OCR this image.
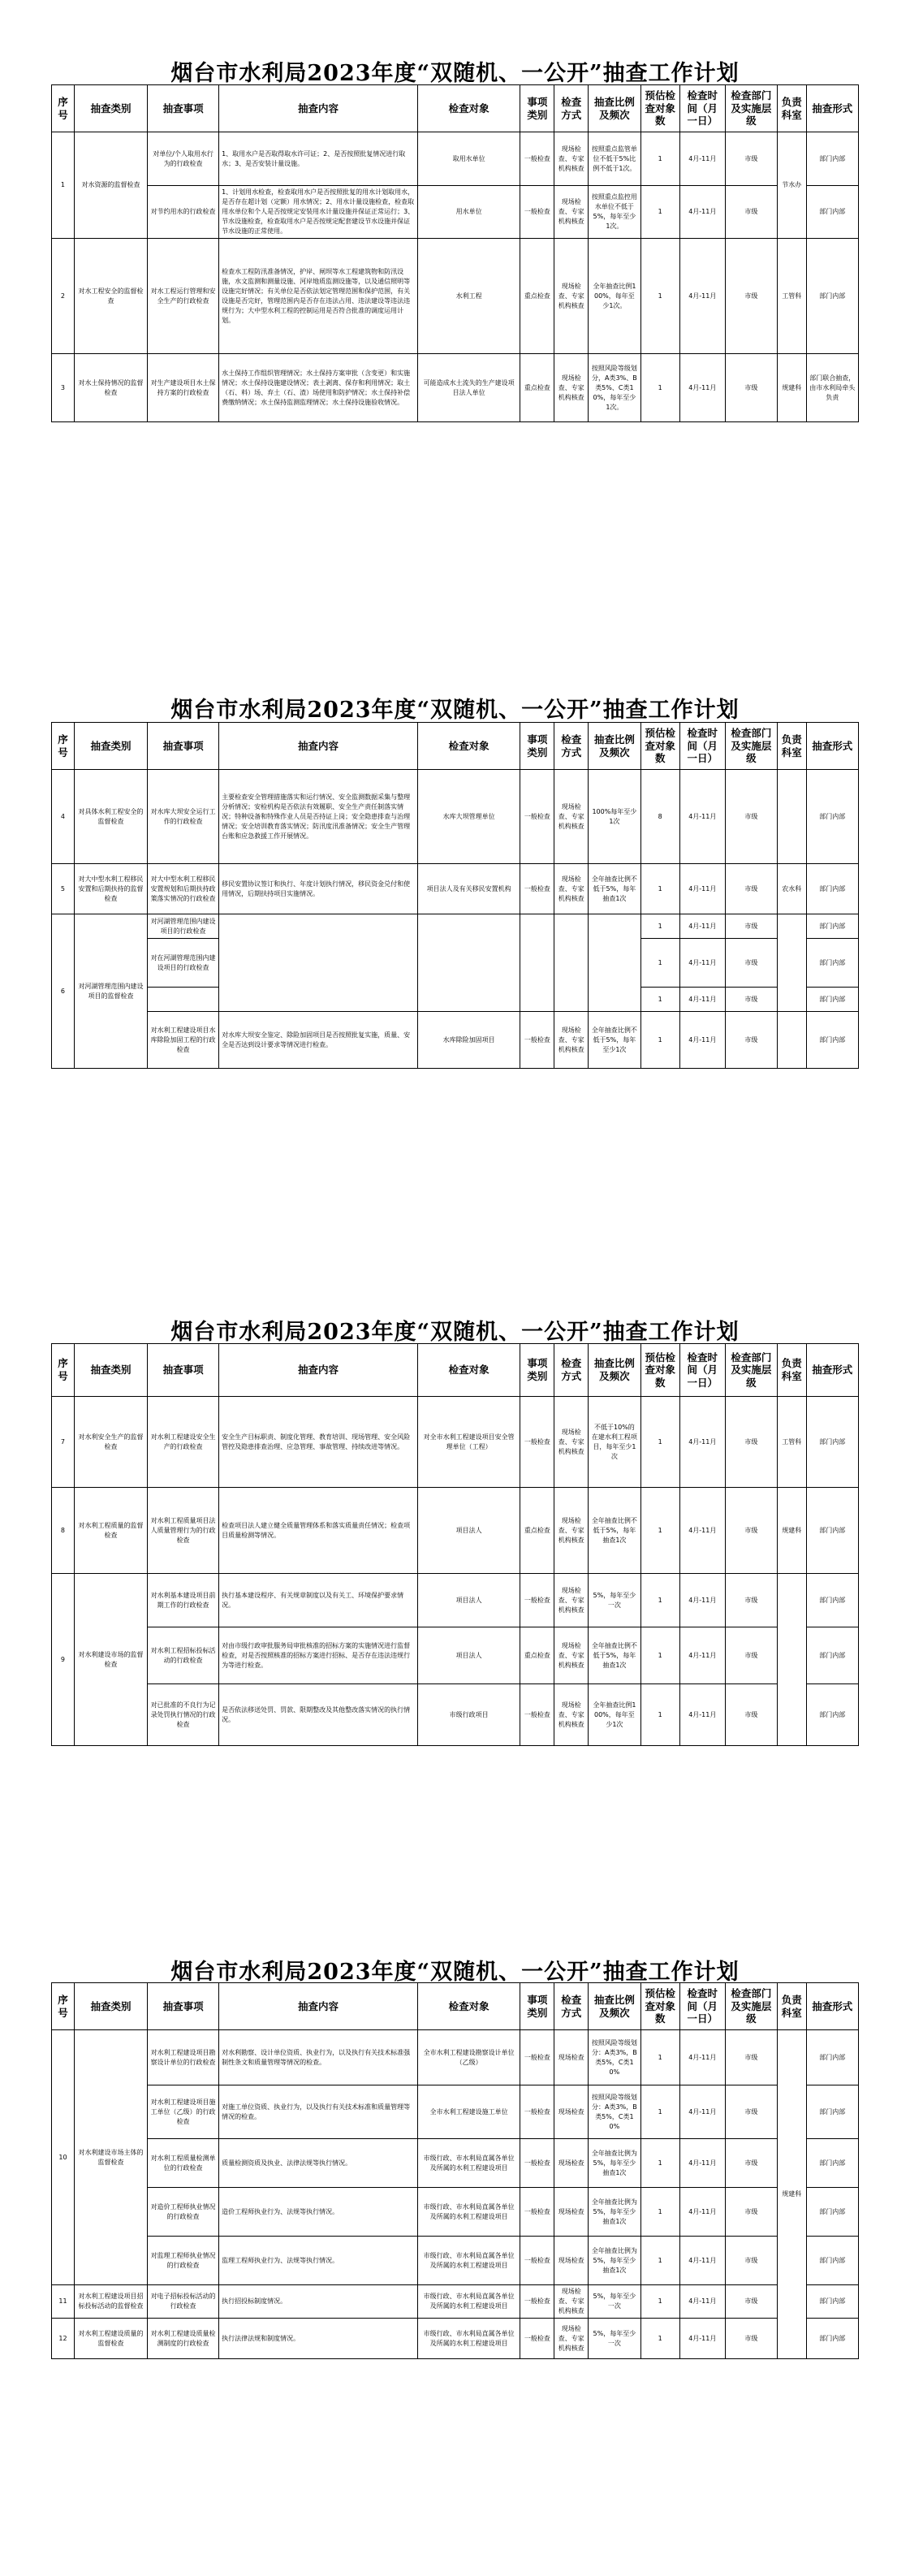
烟台市水利局2023年度“双随机、一公开”抽查工作计划
序号	抽查类别	抽查事项	抽查内容	检查对象	事项类别	检查方式	抽查比例及频次	预估检查对象数	检查时间（月一日）	检查部门及实施层级	负责科室	抽查形式
1	对水资源的监督检查	对单位/个人取用水行为的行政检查	1、取用水户是否取得取水许可证；2、是否按照批复情况进行取水；3、是否安装计量设施。	取用水单位	一般检查	现场检查、专家机构核查	按照重点监管单位不低于5%比例不低于1次。	1	4月-11月	市级	节水办	部门内部
		对节约用水的行政检查	1、计划用水检查，检查取用水户是否按照批复的用水计划取用水，是否存在超计划（定额）用水情况；2、用水计量设施检查，检查取用水单位和个人是否按规定安装用水计量设施并保证正常运行；3、节水设施检查，检查取用水户是否按规定配套建设节水设施并保证节水设施的正常使用。	用水单位	一般检查	现场检查、专家机构核查	按照重点监控用水单位不低于5%，每年至少1次。	1	4月-11月	市级		部门内部
2	对水工程安全的监督检查	对水工程运行管理和安全生产的行政检查	检查水工程防汛准备情况，护岸、闸坝等水工程建筑物和防汛设施，水文监测和测量设施、河岸地质监测设施等，以及通信照明等设施完好情况；有关单位是否依法划定管理范围和保护范围，有关设施是否完好，管理范围内是否存在违法占用、违法建设等违法违规行为；大中型水利工程的控制运用是否符合批准的调度运用计划。	水利工程	重点检查	现场检查、专家机构核查	全年抽查比例100%，每年至少1次。	1	4月-11月	市级	工管科	部门内部
3	对水土保持情况的监督检查	对生产建设项目水土保持方案的行政检查	水土保持工作组织管理情况；水土保持方案审批（含变更）和实施情况；水土保持设施建设情况；表土剥离、保存和利用情况；取土（石、料）场、弃土（石、渣）场使用和防护情况；水土保持补偿费缴纳情况；水土保持监测监理情况；水土保持设施验收情况。	可能造成水土流失的生产建设项目法人单位	重点检查	现场检查、专家机构核查	按照风险等级划分，A类3%、B类5%、C类10%，每年至少1次。	1	4月-11月	市级	规建科	部门联合抽查，由市水利局牵头负责
烟台市水利局2023年度“双随机、一公开”抽查工作计划
序号	抽查类别	抽查事项	抽查内容	检查对象	事项类别	检查方式	抽查比例及频次	预估检查对象数	检查时间（月一日）	检查部门及实施层级	负责科室	抽查形式
4	对具体水利工程安全的监督检查	对水库大坝安全运行工作的行政检查	主要检查安全管理措施落实和运行情况、安全监测数据采集与整理分析情况；安检机构是否依法有效履职、安全生产责任制落实情况；特种设备和特殊作业人员是否持证上岗；安全隐患排查与治理情况；安全培训教育落实情况；防汛度汛准备情况；安全生产管理台账和应急救援工作开展情况。	水库大坝管理单位	一般检查	现场检查、专家机构核查	100%每年至少1次	8	4月-11月	市级		部门内部
5	对大中型水利工程移民安置和后期扶持的监督检查	对大中型水利工程移民安置规划和后期扶持政策落实情况的行政检查	移民安置协议签订和执行、年度计划执行情况，移民资金兑付和使用情况，后期扶持项目实施情况。	项目法人及有关移民安置机构	一般检查	现场检查、专家机构核查	全年抽查比例不低于5%，每年抽查1次	1	4月-11月	市级	农水科	部门内部
6	对河湖管理范围内建设项目的监督检查	对河湖管理范围内建设项目的行政检查						1	4月-11月	市级		部门内部
		对在河湖管理范围内建设项目的行政检查						1	4月-11月	市级		部门内部
								1	4月-11月	市级		部门内部
		对水利工程建设项目水库除险加固工程的行政检查	对水库大坝安全鉴定、除险加固项目是否按照批复实施，质量、安全是否达到设计要求等情况进行检查。	水库除险加固项目	一般检查	现场检查、专家机构核查	全年抽查比例不低于5%，每年至少1次	1	4月-11月	市级		部门内部
烟台市水利局2023年度“双随机、一公开”抽查工作计划
序号	抽查类别	抽查事项	抽查内容	检查对象	事项类别	检查方式	抽查比例及频次	预估检查对象数	检查时间（月一日）	检查部门及实施层级	负责科室	抽查形式
7	对水利安全生产的监督检查	对水利工程建设安全生产的行政检查	安全生产目标职责、制度化管理、教育培训、现场管理、安全风险管控及隐患排查治理、应急管理、事故管理、持续改进等情况。	对全市水利工程建设项目安全管理单位（工程）	一般检查	现场检查、专家机构核查	不低于10%的在建水利工程项目，每年至少1次	1	4月-11月	市级	工管科	部门内部
8	对水利工程质量的监督检查	对水利工程质量项目法人质量管理行为的行政检查	检查项目法人建立健全质量管理体系和落实质量责任情况；检查项目质量检测等情况。	项目法人	重点检查	现场检查、专家机构核查	全年抽查比例不低于5%，每年抽查1次	1	4月-11月	市级	规建科	部门内部
9	对水利建设市场的监督检查	对水利基本建设项目前期工作的行政检查	执行基本建设程序、有关规章制度以及有关工、环境保护要求情况。	项目法人	一般检查	现场检查、专家机构核查	5%，每年至少一次	1	4月-11月	市级		部门内部
		对水利工程招标投标活动的行政检查	对由市级行政审批服务局审批核准的招标方案的实施情况进行监督检查，对是否按照核准的招标方案进行招标、是否存在违法违规行为等进行检查。	项目法人	重点检查	现场检查、专家机构核查	全年抽查比例不低于5%，每年抽查1次	1	4月-11月	市级		部门内部
		对已批准的不良行为记录处罚执行情况的行政检查	是否依法移送处罚、罚款、限期整改及其他整改落实情况的执行情况。	市级行政项目	一般检查	现场检查、专家机构核查	全年抽查比例100%，每年至少1次	1	4月-11月	市级		部门内部
烟台市水利局2023年度“双随机、一公开”抽查工作计划
序号	抽查类别	抽查事项	抽查内容	检查对象	事项类别	检查方式	抽查比例及频次	预估检查对象数	检查时间（月一日）	检查部门及实施层级	负责科室	抽查形式
10	对水利建设市场主体的监督检查	对水利工程建设项目勘察设计单位的行政检查	对水利勘察、设计单位资质、执业行为，以及执行有关技术标准强制性条文和质量管理等情况的检查。	全市水利工程建设勘察设计单位（乙级）	一般检查	现场检查	按照风险等级划分：A类3%，B类5%，C类10%	1	4月-11月	市级	规建科	部门内部
		对水利工程建设项目施工单位（乙级）的行政检查	对施工单位资质、执业行为，以及执行有关技术标准和质量管理等情况的检查。	全市水利工程建设施工单位	一般检查	现场检查	按照风险等级划分：A类3%，B类5%，C类10%	1	4月-11月	市级		部门内部
		对水利工程质量检测单位的行政检查	质量检测资质及执业、法律法规等执行情况。	市级行政、市水利局直属各单位及所属的水利工程建设项目	一般检查	现场检查	全年抽查比例为5%，每年至少抽查1次	1	4月-11月	市级		部门内部
		对造价工程师执业情况的行政检查	造价工程师执业行为、法规等执行情况。	市级行政、市水利局直属各单位及所属的水利工程建设项目	一般检查	现场检查	全年抽查比例为5%，每年至少抽查1次	1	4月-11月	市级		部门内部
		对监理工程师执业情况的行政检查	监理工程师执业行为、法规等执行情况。	市级行政、市水利局直属各单位及所属的水利工程建设项目	一般检查	现场检查	全年抽查比例为5%，每年至少抽查1次	1	4月-11月	市级		部门内部
11	对水利工程建设项目招标投标活动的监督检查	对电子招标投标活动的行政检查	执行招投标制度情况。	市级行政、市水利局直属各单位及所属的水利工程建设项目	一般检查	现场检查、专家机构核查	5%，每年至少一次	1	4月-11月	市级		部门内部
12	对水利工程建设质量的监督检查	对水利工程建设质量检测制度的行政检查	执行法律法规和制度情况。	市级行政、市水利局直属各单位及所属的水利工程建设项目	一般检查	现场检查、专家机构核查	5%，每年至少一次	1	4月-11月	市级		部门内部
